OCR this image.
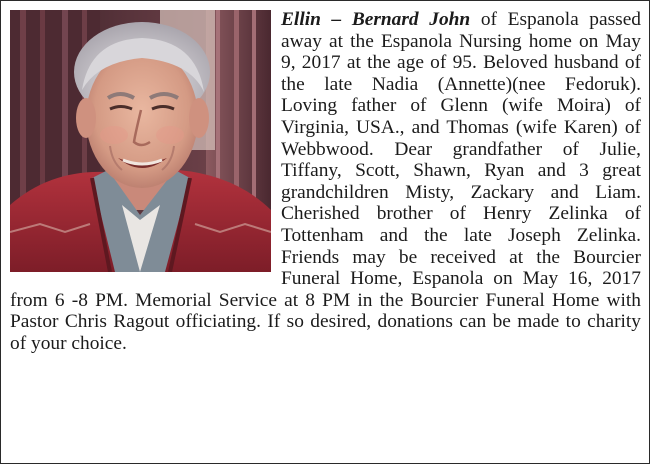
Ellin – Bernard John of Espanola passed away at the Espanola Nursing home on May 9, 2017 at the age of 95. Beloved husband of the late Nadia (Annette)(nee Fedoruk). Loving father of Glenn (wife Moira) of Virginia, USA., and Thomas (wife Karen) of Webbwood. Dear grandfather of Julie, Tiffany, Scott, Shawn, Ryan and 3 great grandchildren Misty, Zackary and Liam. Cherished brother of Henry Zelinka of Tottenham and the late Joseph Zelinka. Friends may be received at the Bourcier Funeral Home, Espanola on May 16, 2017 from 6 -8 PM. Memorial Service at 8 PM in the Bourcier Funeral Home with Pastor Chris Ragout officiating. If so desired, donations can be made to charity of your choice.
